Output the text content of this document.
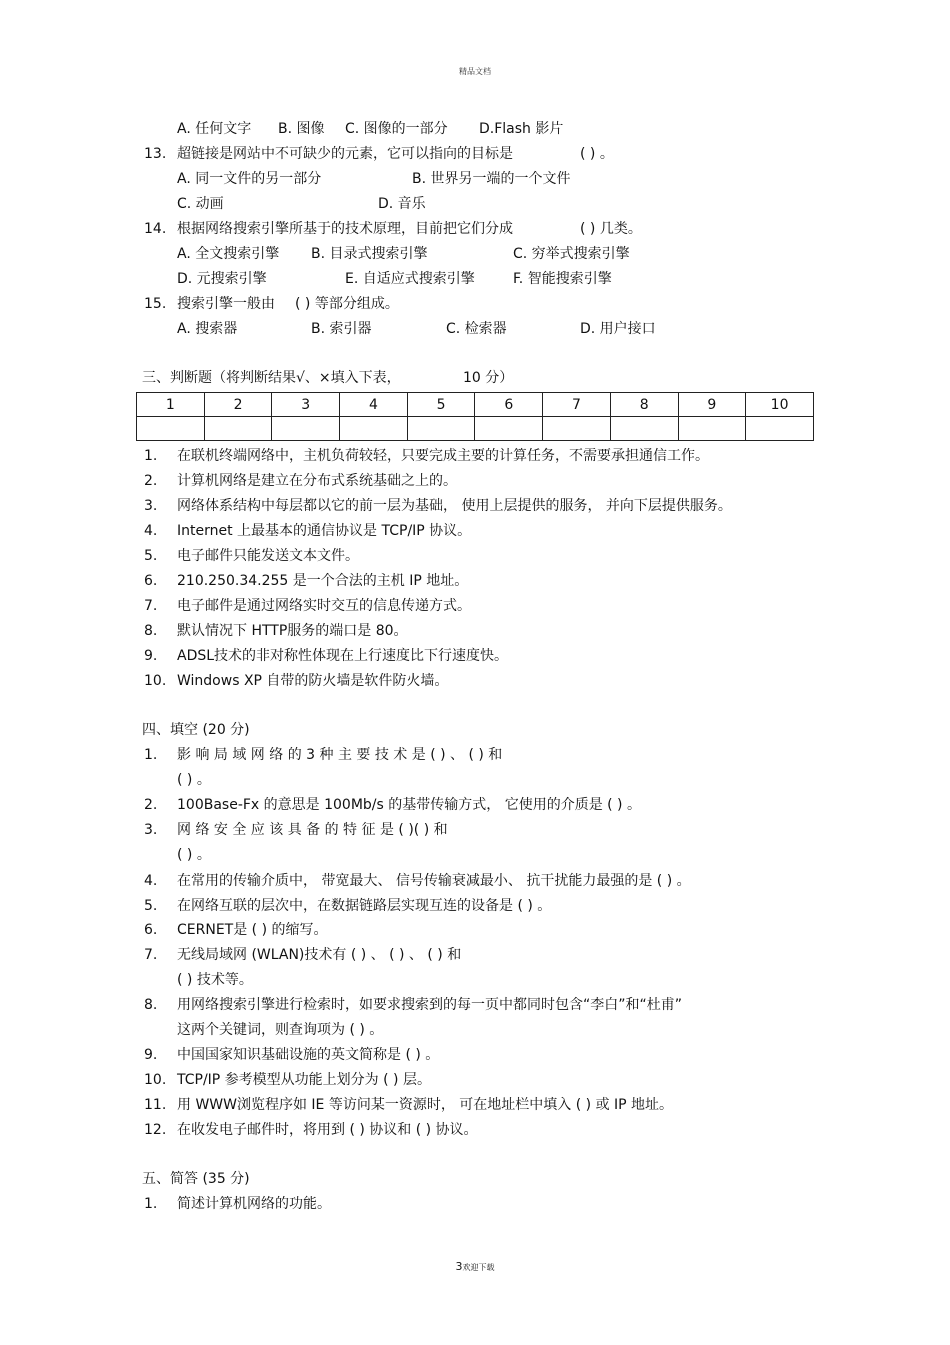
精品文档
A. 任何文字 B. 图像 C. 图像的一部分 D.Flash 影片
13. 超链接是网站中不可缺少的元素，它可以指向的目标是	( ) 。
A. 同一文件的另一部分	B. 世界另一端的一个文件
C. 动画	D. 音乐
14. 根据网络搜索引擎所基于的技术原理，目前把它们分成	( ) 几类。
A. 全文搜索引擎 B. 目录式搜索引擎	C. 穷举式搜索引擎
D. 元搜索引擎	E. 自适应式搜索引擎	F. 智能搜索引擎
15. 搜索引擎一般由 ( ) 等部分组成。
A. 搜索器	B. 索引器	C. 检索器	D. 用户接口
三、判断题（将判断结果√、×填入下表，	10 分）
1	2	3	4	5	6	7	8	9	10

1. 在联机终端网络中，主机负荷较轻，只要完成主要的计算任务，不需要承担通信工作。
2. 计算机网络是建立在分布式系统基础之上的。
3. 网络体系结构中每层都以它的前一层为基础， 使用上层提供的服务， 并向下层提供服务。
4. Internet 上最基本的通信协议是 TCP/IP 协议。
5. 电子邮件只能发送文本文件。
6. 210.250.34.255 是一个合法的主机 IP 地址。
7. 电子邮件是通过网络实时交互的信息传递方式。
8. 默认情况下 HTTP服务的端口是 80。
9. ADSL技术的非对称性体现在上行速度比下行速度快。
10. Windows XP 自带的防火墙是软件防火墙。
四、填空 (20 分)
1. 影 响 局 域 网 络 的 3 种 主 要 技 术 是 ( ) 、 ( ) 和
( ) 。
2. 100Base-Fx 的意思是 100Mb/s 的基带传输方式， 它使用的介质是 ( ) 。
3. 网 络 安 全 应 该 具 备 的 特 征 是 ( )( ) 和
( ) 。
4. 在常用的传输介质中， 带宽最大、 信号传输衰减最小、 抗干扰能力最强的是 ( ) 。
5. 在网络互联的层次中，在数据链路层实现互连的设备是 ( ) 。
6. CERNET是 ( ) 的缩写。
7. 无线局域网 (WLAN)技术有 ( ) 、 ( ) 、 ( ) 和
( ) 技术等。
8. 用网络搜索引擎进行检索时，如要求搜索到的每一页中都同时包含“李白”和“杜甫”
这两个关键词，则查询项为 ( ) 。
9. 中国国家知识基础设施的英文简称是 ( ) 。
10. TCP/IP 参考模型从功能上划分为 ( ) 层。
11. 用 WWW浏览程序如 IE 等访问某一资源时， 可在地址栏中填入 ( ) 或 IP 地址。
12. 在收发电子邮件时，将用到 ( ) 协议和 ( ) 协议。
五、简答 (35 分)
1. 简述计算机网络的功能。
3欢迎下载
